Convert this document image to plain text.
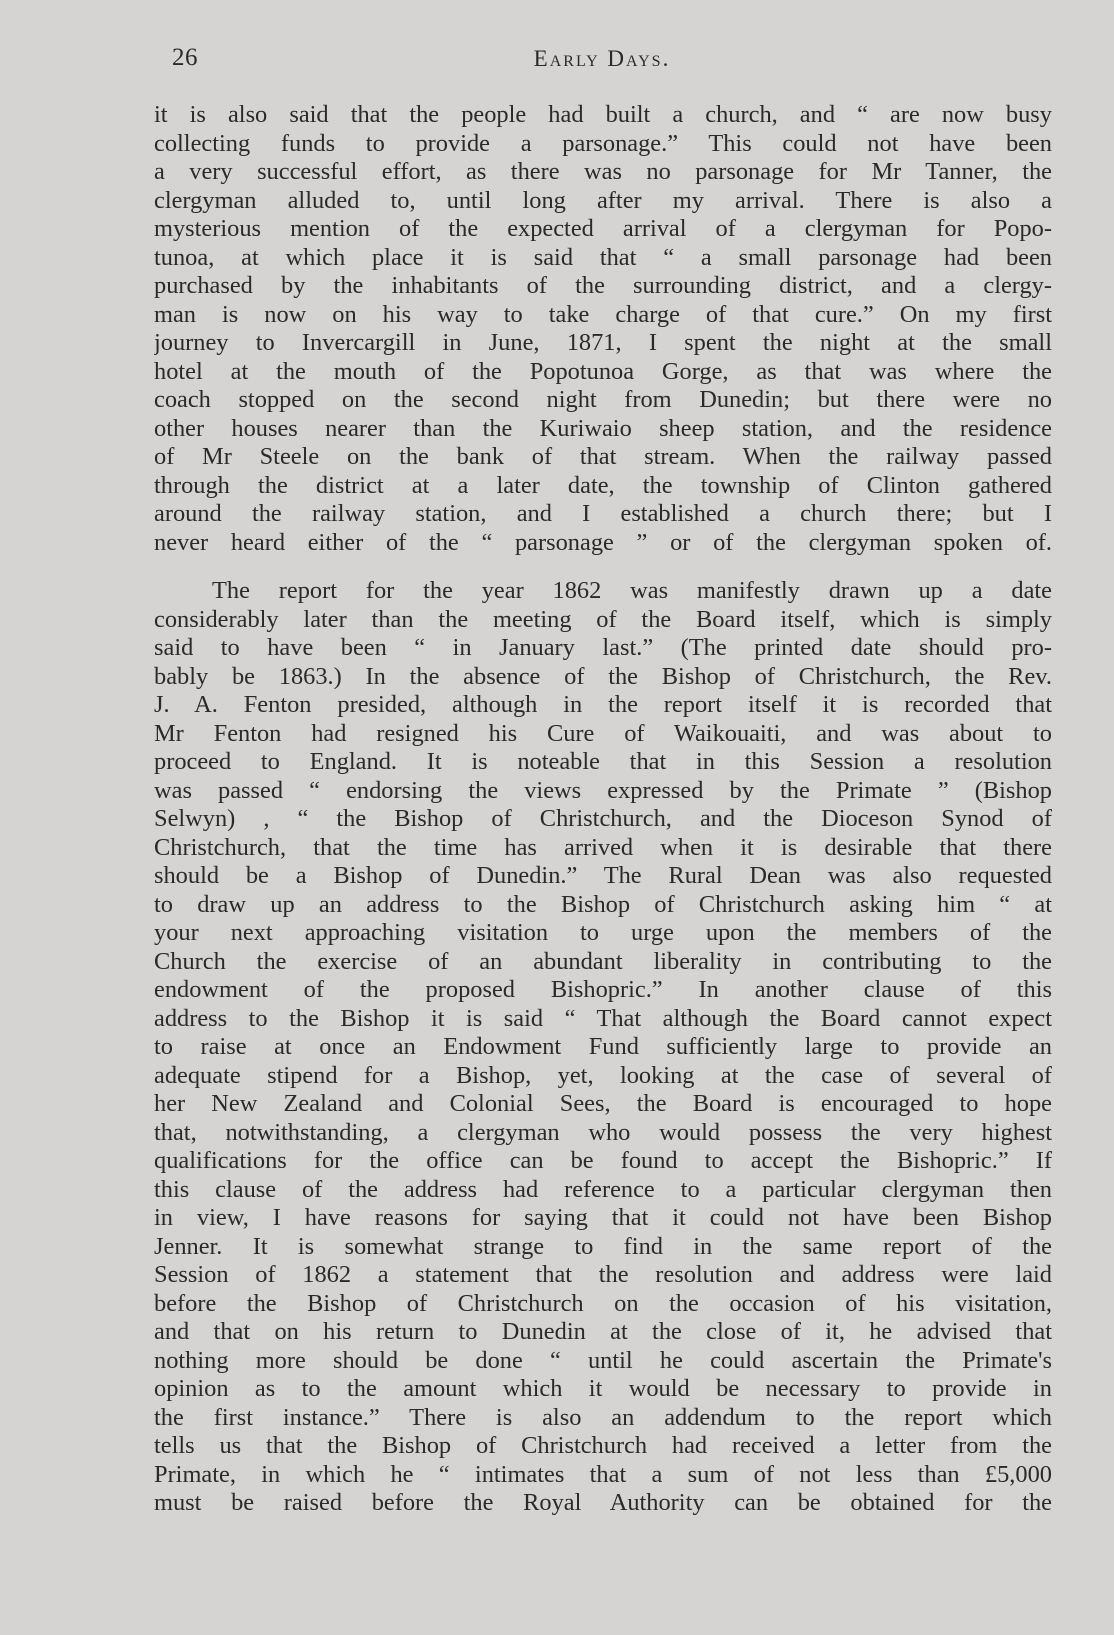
26	Early Days.
it is also said that the people had built a church, and “ are now busy
collecting funds to provide a parsonage.” This could not have been
a very successful effort, as there was no parsonage for Mr Tanner, the
clergyman alluded to, until long after my arrival. There is also a
mysterious mention of the expected arrival of a clergyman for Popo-
tunoa, at which place it is said that “ a small parsonage had been
purchased by the inhabitants of the surrounding district, and a clergy-
man is now on his way to take charge of that cure.” On my first
journey to Invercargill in June, 1871, I spent the night at the small
hotel at the mouth of the Popotunoa Gorge, as that was where the
coach stopped on the second night from Dunedin; but there were no
other houses nearer than the Kuriwaio sheep station, and the residence
of Mr Steele on the bank of that stream. When the railway passed
through the district at a later date, the township of Clinton gathered
around the railway station, and I established a church there; but I
never heard either of the “ parsonage ” or of the clergyman spoken of.
The report for the year 1862 was manifestly drawn up a date
considerably later than the meeting of the Board itself, which is simply
said to have been “ in January last.” (The printed date should pro-
bably be 1863.) In the absence of the Bishop of Christchurch, the Rev.
J. A. Fenton presided, although in the report itself it is recorded that
Mr Fenton had resigned his Cure of Waikouaiti, and was about to
proceed to England. It is noteable that in this Session a resolution
was passed “ endorsing the views expressed by the Primate ” (Bishop
Selwyn) , “ the Bishop of Christchurch, and the Dioceson Synod of
Christchurch, that the time has arrived when it is desirable that there
should be a Bishop of Dunedin.” The Rural Dean was also requested
to draw up an address to the Bishop of Christchurch asking him “ at
your next approaching visitation to urge upon the members of the
Church the exercise of an abundant liberality in contributing to the
endowment of the proposed Bishopric.” In another clause of this
address to the Bishop it is said “ That although the Board cannot expect
to raise at once an Endowment Fund sufficiently large to provide an
adequate stipend for a Bishop, yet, looking at the case of several of
her New Zealand and Colonial Sees, the Board is encouraged to hope
that, notwithstanding, a clergyman who would possess the very highest
qualifications for the office can be found to accept the Bishopric.” If
this clause of the address had reference to a particular clergyman then
in view, I have reasons for saying that it could not have been Bishop
Jenner. It is somewhat strange to find in the same report of the
Session of 1862 a statement that the resolution and address were laid
before the Bishop of Christchurch on the occasion of his visitation,
and that on his return to Dunedin at the close of it, he advised that
nothing more should be done “ until he could ascertain the Primate's
opinion as to the amount which it would be necessary to provide in
the first instance.” There is also an addendum to the report which
tells us that the Bishop of Christchurch had received a letter from the
Primate, in which he “ intimates that a sum of not less than £5,000
must be raised before the Royal Authority can be obtained for the
